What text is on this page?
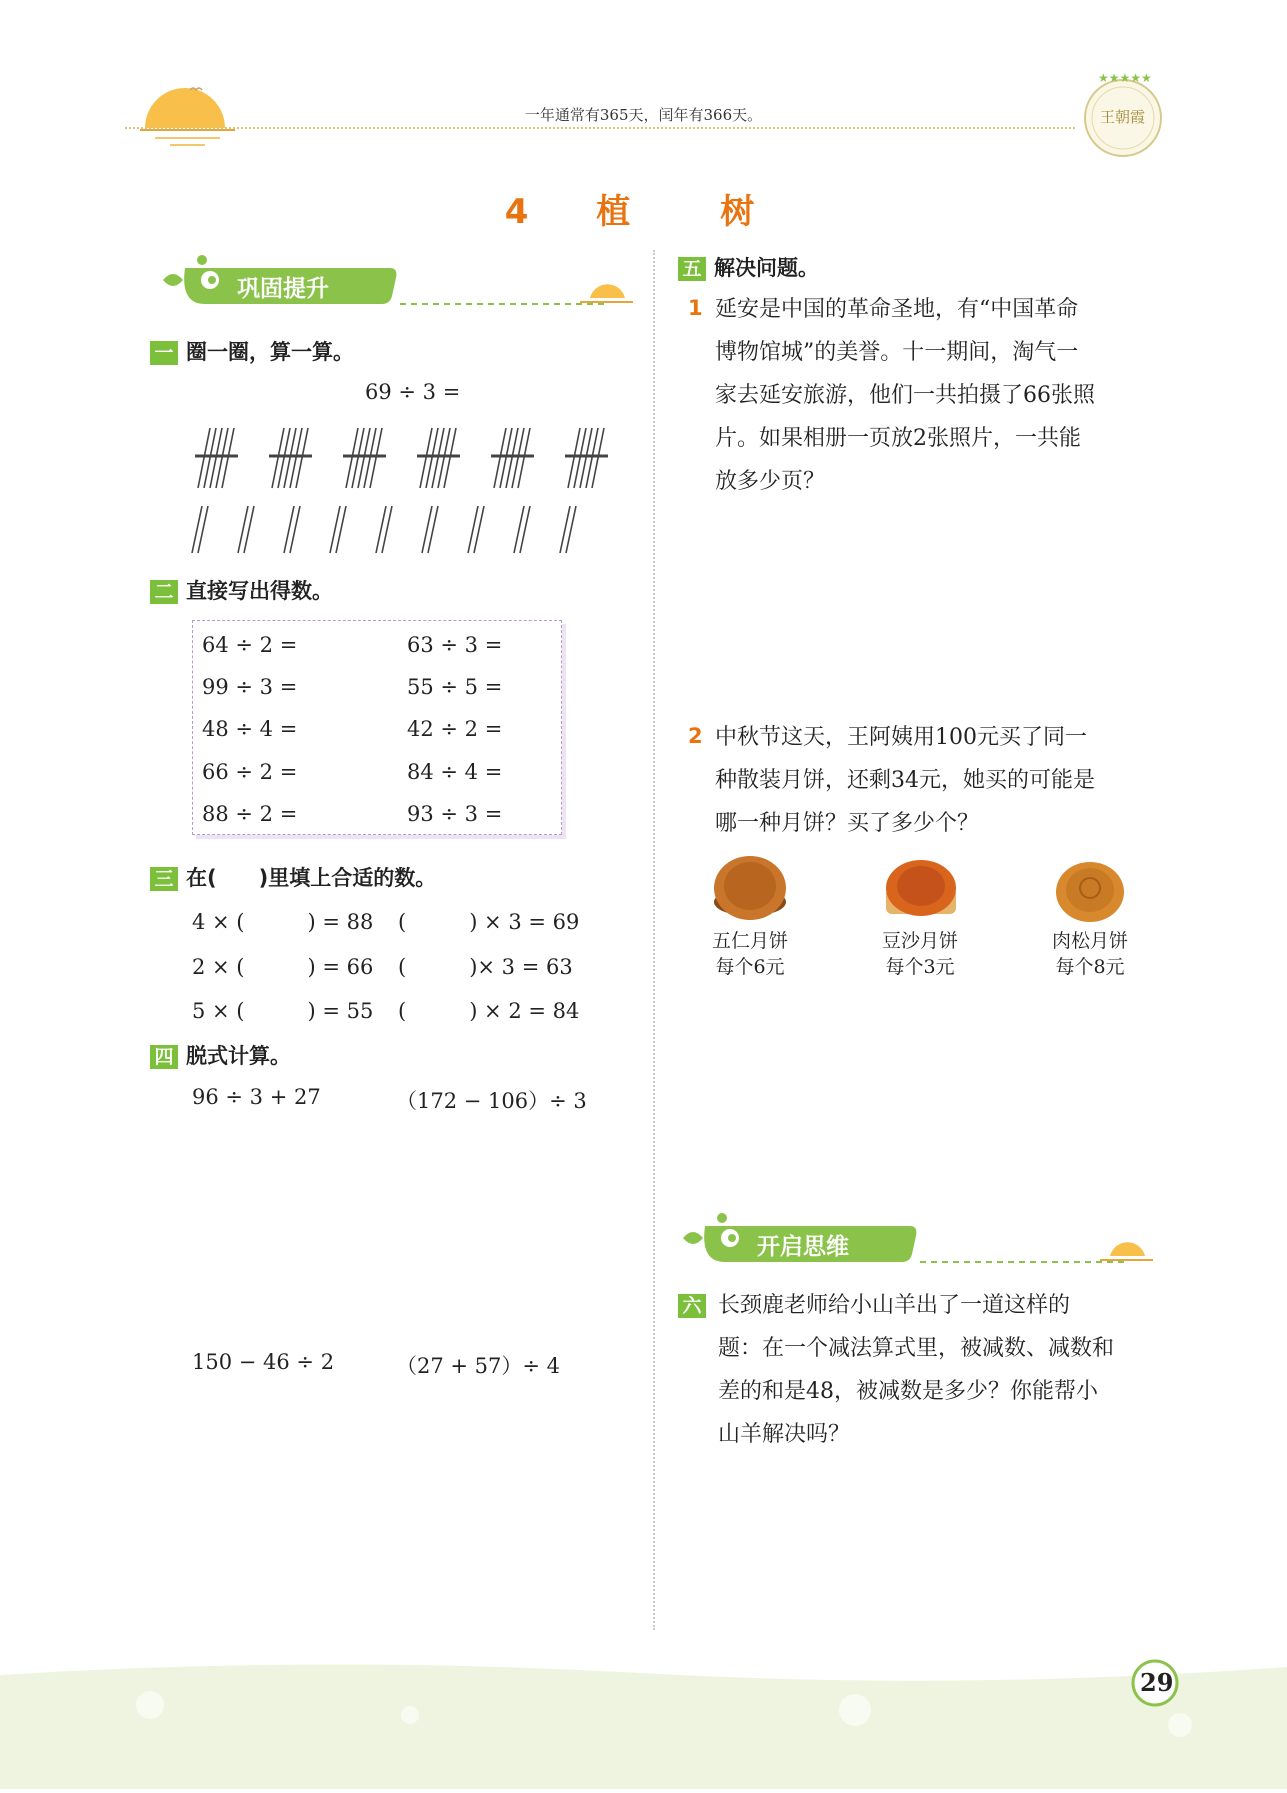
一年通常有365天，闰年有366天。
★★★★★
王朝霞
4 植　树
巩固提升
一 圈一圈，算一算。
69 ÷ 3 =
二 直接写出得数。
64 ÷ 2 =	63 ÷ 3 =
99 ÷ 3 =	55 ÷ 5 =
48 ÷ 4 =	42 ÷ 2 =
66 ÷ 2 =	84 ÷ 4 =
88 ÷ 2 =	93 ÷ 3 =
三 在(　　)里填上合适的数。
4 × (　　　) = 88 (　　　) × 3 = 69
2 × (　　　) = 66 (　　　)× 3 = 63
5 × (　　　) = 55 (　　　) × 2 = 84
四 脱式计算。
96 ÷ 3 + 27	（172 − 106）÷ 3
150 − 46 ÷ 2	（27 + 57）÷ 4
五 解决问题。
1 延安是中国的革命圣地，有“中国革命
博物馆城”的美誉。十一期间，淘气一
家去延安旅游，他们一共拍摄了66张照
片。如果相册一页放2张照片，一共能
放多少页？
2 中秋节这天，王阿姨用100元买了同一
种散装月饼，还剩34元，她买的可能是
哪一种月饼？买了多少个？
五仁月饼
每个6元
豆沙月饼
每个3元
肉松月饼
每个8元
开启思维
六 长颈鹿老师给小山羊出了一道这样的
题：在一个减法算式里，被减数、减数和
差的和是48，被减数是多少？你能帮小
山羊解决吗？
29
